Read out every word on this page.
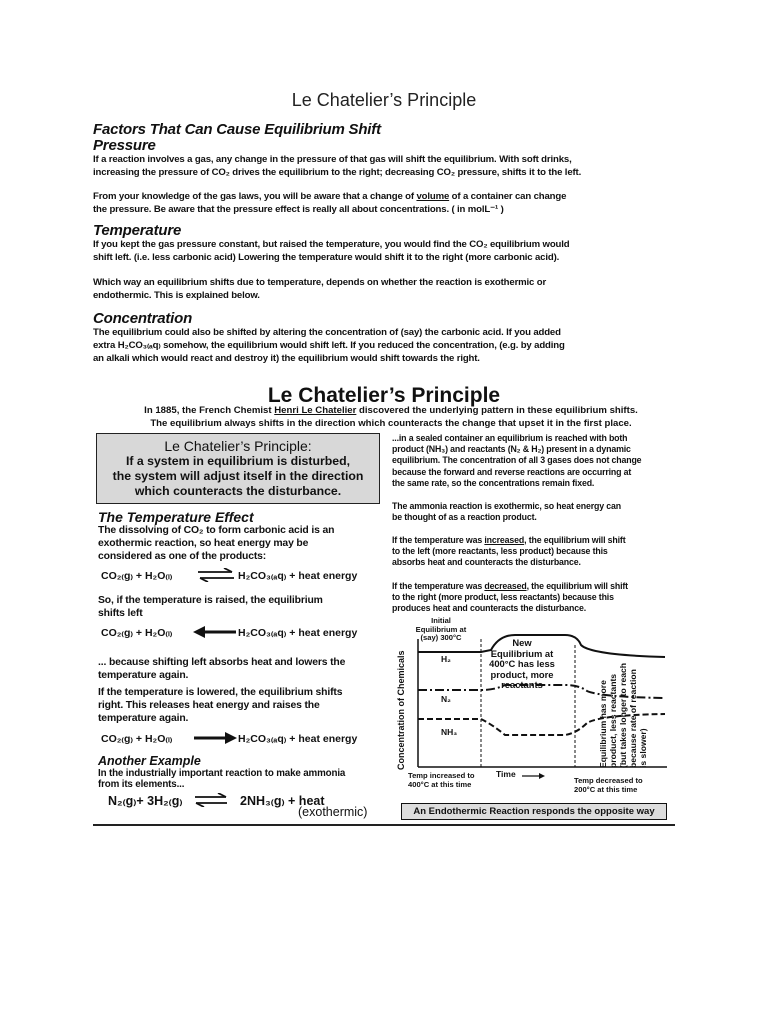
Le Chatelier’s Principle
Factors That Can Cause Equilibrium Shift
Pressure
If a reaction involves a gas, any change in the pressure of that gas will shift the equilibrium. With soft drinks,
increasing the pressure of CO₂ drives the equilibrium to the right; decreasing CO₂ pressure, shifts it to the left.
From your knowledge of the gas laws, you will be aware that a change of volume of a container can change
the pressure. Be aware that the pressure effect is really all about concentrations. ( in molL⁻¹ )
Temperature
If you kept the gas pressure constant, but raised the temperature, you would find the CO₂ equilibrium would
shift left. (i.e. less carbonic acid) Lowering the temperature would shift it to the right (more carbonic acid).
Which way an equilibrium shifts due to temperature, depends on whether the reaction is exothermic or
endothermic. This is explained below.
Concentration
The equilibrium could also be shifted by altering the concentration of (say) the carbonic acid. If you added
extra H₂CO₃₍ₐq₎ somehow, the equilibrium would shift left. If you reduced the concentration, (e.g. by adding
an alkali which would react and destroy it) the equilibrium would shift towards the right.
Le Chatelier’s Principle
In 1885, the French Chemist Henri Le Chatelier discovered the underlying pattern in these equilibrium shifts.
The equilibrium always shifts in the direction which counteracts the change that upset it in the first place.
Le Chatelier’s Principle:
If a system in equilibrium is disturbed,
the system will adjust itself in the direction
which counteracts the disturbance.
The Temperature Effect
The dissolving of CO₂ to form carbonic acid is an
exothermic reaction, so heat energy may be
considered as one of the products:
CO₂₍g₎ + H₂O₍ₗ₎ ⇌ H₂CO₃₍ₐq₎ + heat energy
So, if the temperature is raised, the equilibrium
shifts left
CO₂₍g₎ + H₂O₍ₗ₎	H₂CO₃₍ₐq₎ + heat energy
... because shifting left absorbs heat and lowers the
temperature again.
If the temperature is lowered, the equilibrium shifts
right. This releases heat energy and raises the
temperature again.
CO₂₍g₎ + H₂O₍ₗ₎	H₂CO₃₍ₐq₎ + heat energy
Another Example
In the industrially important reaction to make ammonia
from its elements...
N₂₍g₎+ 3H₂₍g₎ ⇌ 2NH₃₍g₎ + heat
(exothermic)
...in a sealed container an equilibrium is reached with both
product (NH₃) and reactants (N₂ & H₂) present in a dynamic
equilibrium. The concentration of all 3 gases does not change
because the forward and reverse reactions are occurring at
the same rate, so the concentrations remain fixed.
The ammonia reaction is exothermic, so heat energy can
be thought of as a reaction product.
If the temperature was increased, the equilibrium will shift
to the left (more reactants, less product) because this
absorbs heat and counteracts the disturbance.
If the temperature was decreased, the equilibrium will shift
to the right (more product, less reactants) because this
produces heat and counteracts the disturbance.
Initial
Equilibrium at
(say) 300°C
Concentration of Chemicals	H₂
N₂
NH₃
New
Equilibrium at
400°C has less
product, more
reactants	Equilibrium has more product, less reactants (but takes longer to reach because rate of reaction is slower)
Time
Temp increased to
400°C at this time	Temp decreased to
200°C at this time
An Endothermic Reaction responds the opposite way
